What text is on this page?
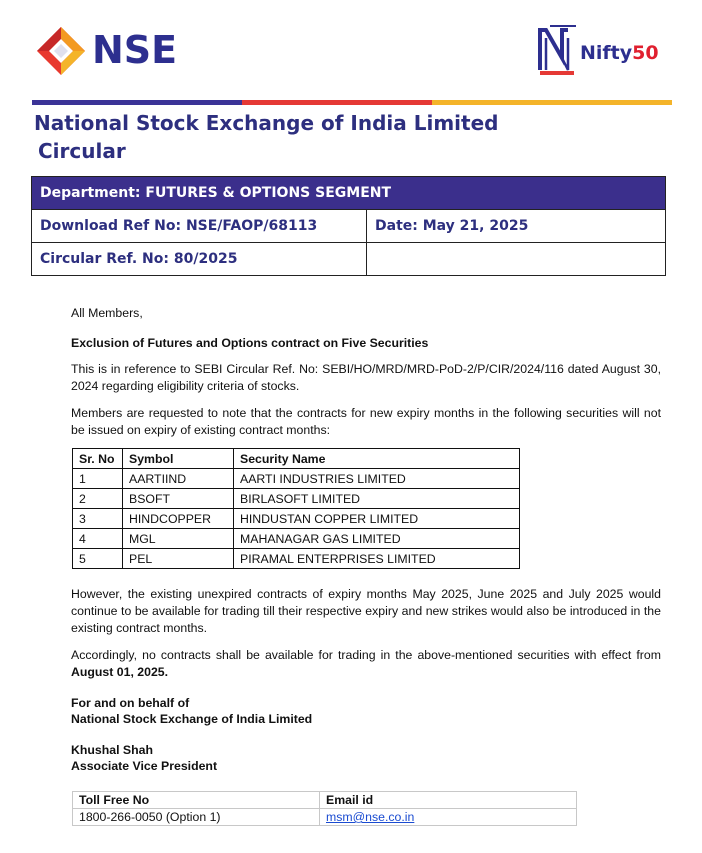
NSE	Nifty50
National Stock Exchange of India Limited
Circular
Department: FUTURES & OPTIONS SEGMENT	
Download Ref No: NSE/FAOP/68113	Date: May 21, 2025
Circular Ref. No: 80/2025	
All Members,
Exclusion of Futures and Options contract on Five Securities
This is in reference to SEBI Circular Ref. No: SEBI/HO/MRD/MRD-PoD-2/P/CIR/2024/116 dated August 30, 2024 regarding eligibility criteria of stocks.
Members are requested to note that the contracts for new expiry months in the following securities will not be issued on expiry of existing contract months:
Sr. No	Symbol	Security Name
1	AARTIIND	AARTI INDUSTRIES LIMITED
2	BSOFT	BIRLASOFT LIMITED
3	HINDCOPPER	HINDUSTAN COPPER LIMITED
4	MGL	MAHANAGAR GAS LIMITED
5	PEL	PIRAMAL ENTERPRISES LIMITED
However, the existing unexpired contracts of expiry months May 2025, June 2025 and July 2025 would continue to be available for trading till their respective expiry and new strikes would also be introduced in the existing contract months.
Accordingly, no contracts shall be available for trading in the above-mentioned securities with effect from August 01, 2025.
For and on behalf of
National Stock Exchange of India Limited
Khushal Shah
Associate Vice President
Toll Free No	Email id
1800-266-0050 (Option 1)	msm@nse.co.in
